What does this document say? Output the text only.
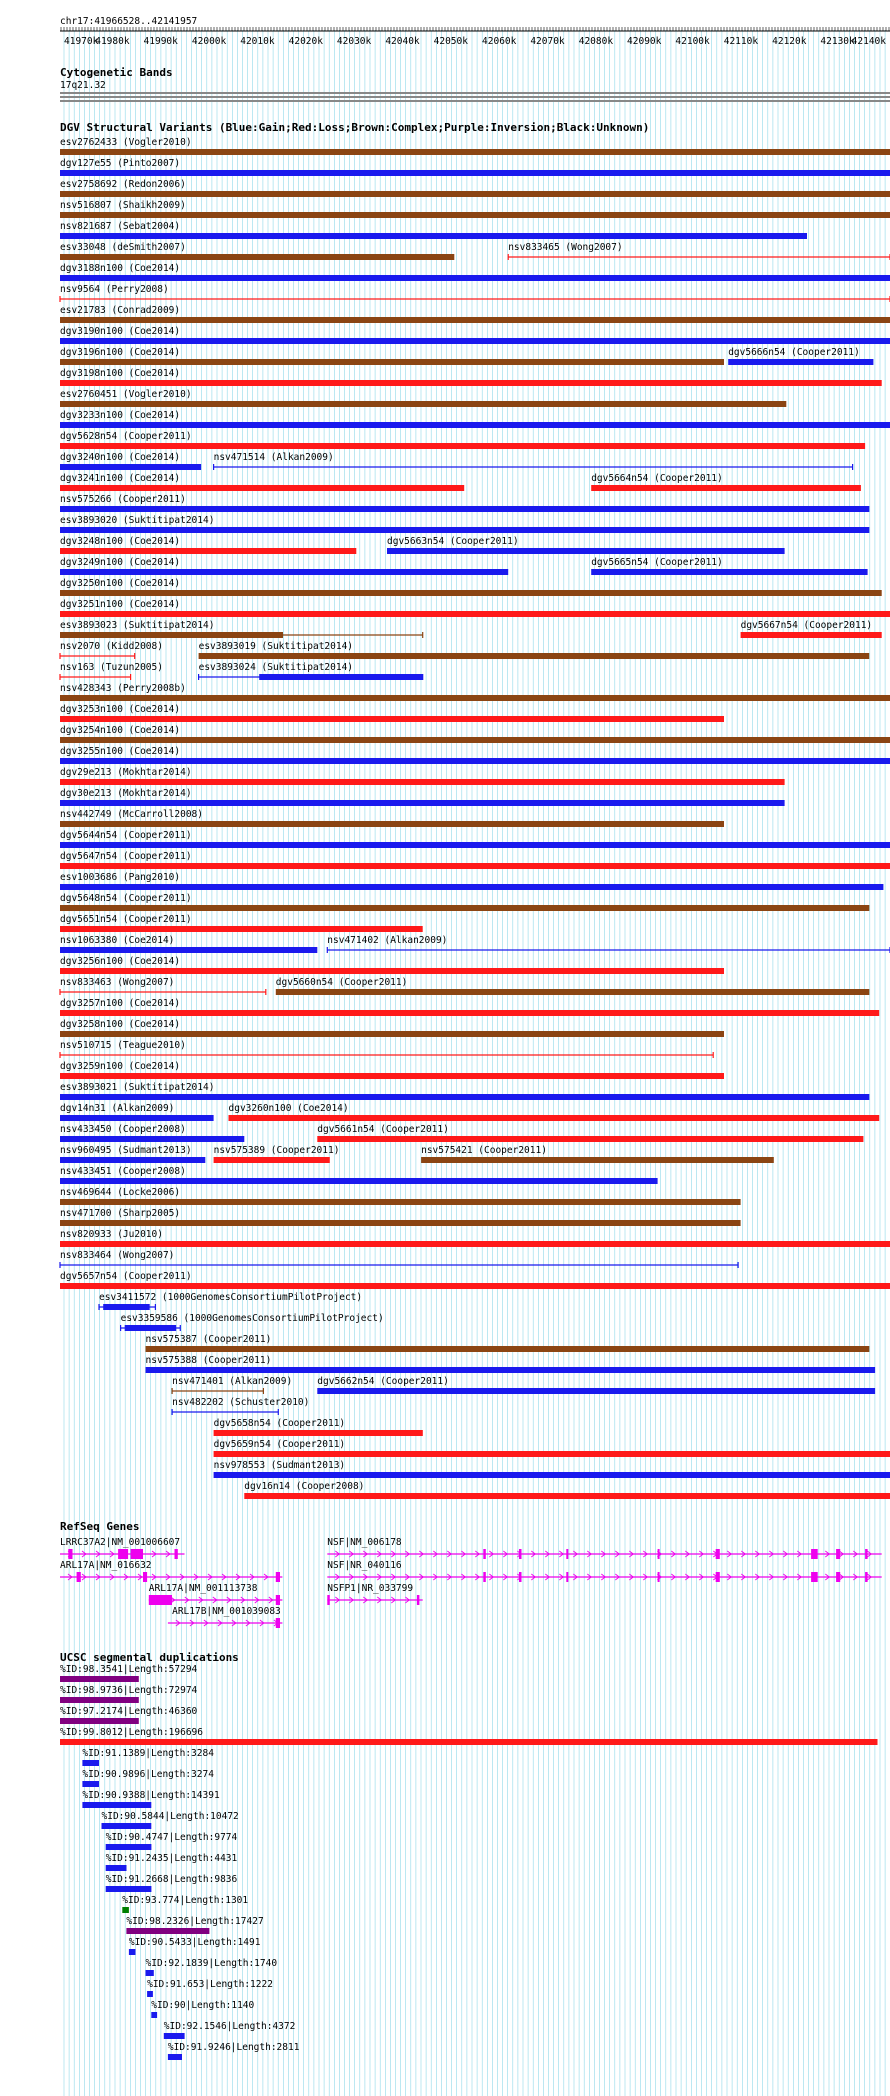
chr17:41966528..42141957
41970k
41980k 41990k 42000k 42010k 42020k 42030k 42040k 42050k 42060k 42070k 42080k 42090k 42100k 42110k 42120k 42130k
42140k
Cytogenetic Bands
17q21.32
DGV Structural Variants (Blue:Gain;Red:Loss;Brown:Complex;Purple:Inversion;Black:Unknown)
esv2762433 (Vogler2010)
dgv127e55 (Pinto2007)
esv2758692 (Redon2006)
nsv516807 (Shaikh2009)
nsv821687 (Sebat2004)
esv33048 (deSmith2007)	nsv833465 (Wong2007)
dgv3188n100 (Coe2014)
nsv9564 (Perry2008)
esv21783 (Conrad2009)
dgv3190n100 (Coe2014)
dgv3196n100 (Coe2014)	dgv5666n54 (Cooper2011)
dgv3198n100 (Coe2014)
esv2760451 (Vogler2010)
dgv3233n100 (Coe2014)
dgv5628n54 (Cooper2011)
dgv3240n100 (Coe2014)	nsv471514 (Alkan2009)
dgv3241n100 (Coe2014)	dgv5664n54 (Cooper2011)
nsv575266 (Cooper2011)
esv3893020 (Suktitipat2014)
dgv3248n100 (Coe2014)	dgv5663n54 (Cooper2011)
dgv3249n100 (Coe2014)	dgv5665n54 (Cooper2011)
dgv3250n100 (Coe2014)
dgv3251n100 (Coe2014)
esv3893023 (Suktitipat2014)	dgv5667n54 (Cooper2011)
nsv2070 (Kidd2008)	esv3893019 (Suktitipat2014)
nsv163 (Tuzun2005)	esv3893024 (Suktitipat2014)
nsv428343 (Perry2008b)
dgv3253n100 (Coe2014)
dgv3254n100 (Coe2014)
dgv3255n100 (Coe2014)
dgv29e213 (Mokhtar2014)
dgv30e213 (Mokhtar2014)
nsv442749 (McCarroll2008)
dgv5644n54 (Cooper2011)
dgv5647n54 (Cooper2011)
esv1003686 (Pang2010)
dgv5648n54 (Cooper2011)
dgv5651n54 (Cooper2011)
nsv1063380 (Coe2014)	nsv471402 (Alkan2009)
dgv3256n100 (Coe2014)
nsv833463 (Wong2007)	dgv5660n54 (Cooper2011)
dgv3257n100 (Coe2014)
dgv3258n100 (Coe2014)
nsv510715 (Teague2010)
dgv3259n100 (Coe2014)
esv3893021 (Suktitipat2014)
dgv14n31 (Alkan2009)	dgv3260n100 (Coe2014)
nsv433450 (Cooper2008)	dgv5661n54 (Cooper2011)
nsv960495 (Sudmant2013) nsv575389 (Cooper2011)	nsv575421 (Cooper2011)
nsv433451 (Cooper2008)
nsv469644 (Locke2006)
nsv471700 (Sharp2005)
nsv820933 (Ju2010)
nsv833464 (Wong2007)
dgv5657n54 (Cooper2011)
esv3411572 (1000GenomesConsortiumPilotProject)
esv3359586 (1000GenomesConsortiumPilotProject)
nsv575387 (Cooper2011)
nsv575388 (Cooper2011)
nsv471401 (Alkan2009)	dgv5662n54 (Cooper2011)
nsv482202 (Schuster2010)
dgv5658n54 (Cooper2011)
dgv5659n54 (Cooper2011)
nsv978553 (Sudmant2013)
dgv16n14 (Cooper2008)
RefSeq Genes
LRRC37A2|NM_001006607	NSF|NM_006178
ARL17A|NM_016632	NSF|NR_040116
ARL17A|NM_001113738	NSFP1|NR_033799
ARL17B|NM_001039083
UCSC segmental duplications
%ID:98.3541|Length:57294
%ID:98.9736|Length:72974
%ID:97.2174|Length:46360
%ID:99.8012|Length:196696
%ID:91.1389|Length:3284
%ID:90.9896|Length:3274
%ID:90.9388|Length:14391
%ID:90.5844|Length:10472
%ID:90.4747|Length:9774
%ID:91.2435|Length:4431
%ID:91.2668|Length:9836
%ID:93.774|Length:1301
%ID:98.2326|Length:17427
%ID:90.5433|Length:1491
%ID:92.1839|Length:1740
%ID:91.653|Length:1222
%ID:90|Length:1140
%ID:92.1546|Length:4372
%ID:91.9246|Length:2811
